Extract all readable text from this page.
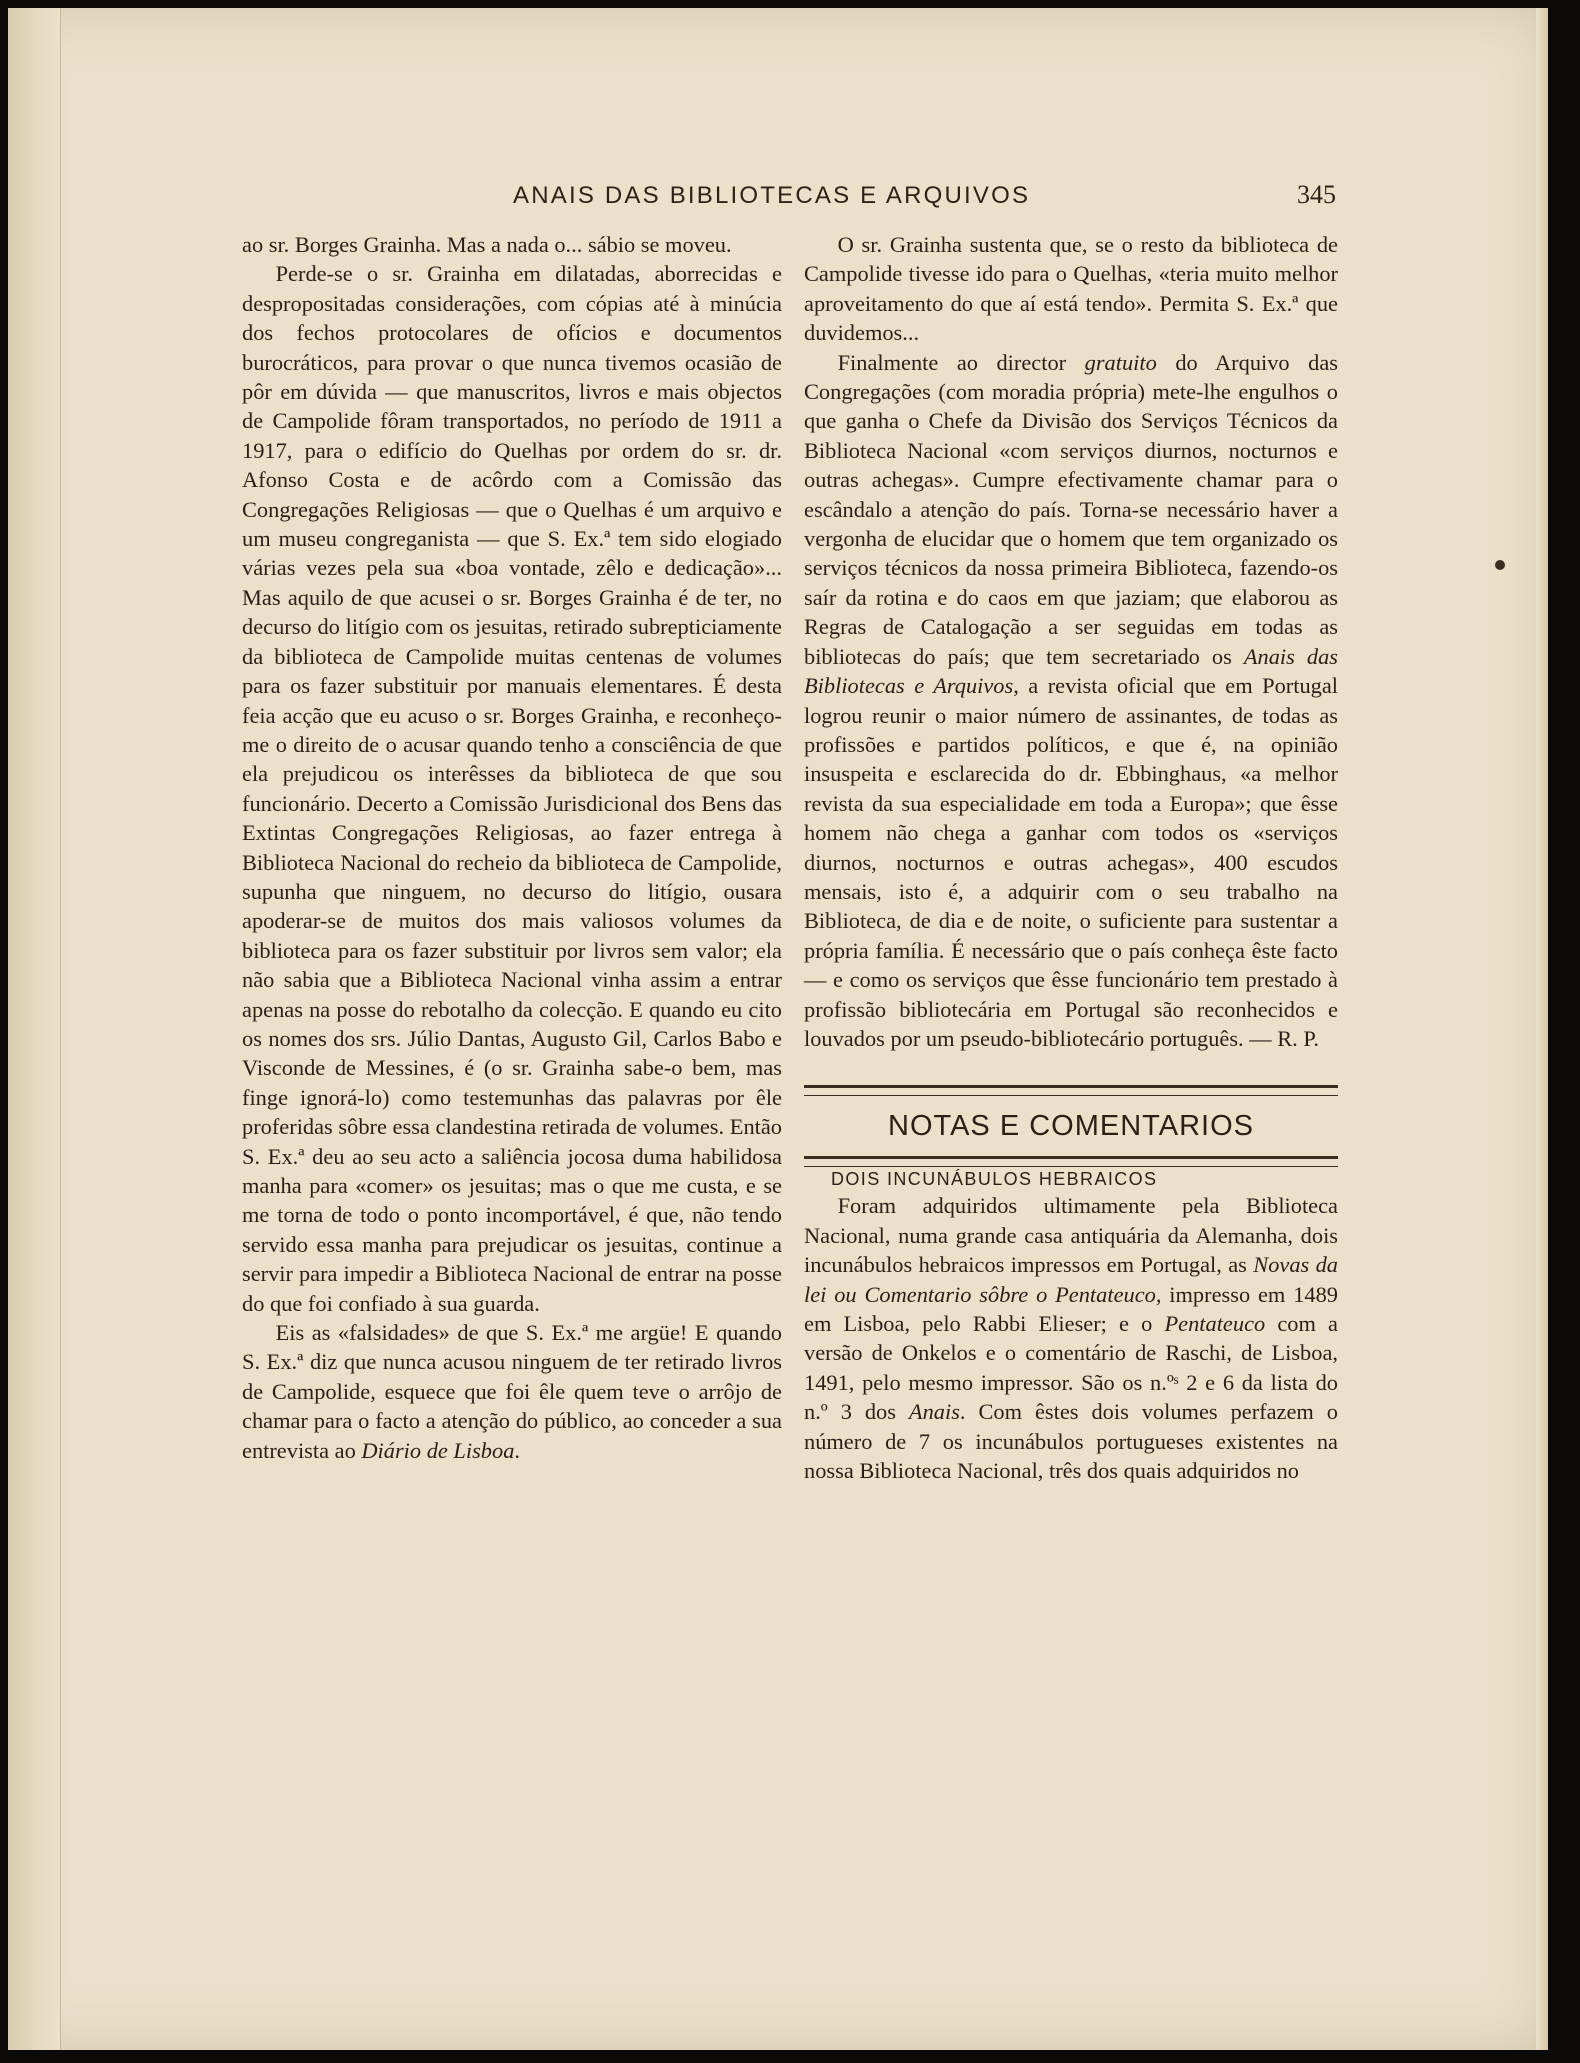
ANAIS DAS BIBLIOTECAS E ARQUIVOS	345

ao sr. Borges Grainha. Mas a nada o... sábio se moveu.

Perde-se o sr. Grainha em dilatadas, aborrecidas e despropositadas considerações, com cópias até à minúcia dos fechos protocolares de ofícios e documentos burocráticos, para provar o que nunca tivemos ocasião de pôr em dúvida — que manuscritos, livros e mais objectos de Campolide fôram transportados, no período de 1911 a 1917, para o edifício do Quelhas por ordem do sr. dr. Afonso Costa e de acôrdo com a Comissão das Congregações Religiosas — que o Quelhas é um arquivo e um museu congreganista — que S. Ex.ª tem sido elogiado várias vezes pela sua «boa vontade, zêlo e dedicação»... Mas aquilo de que acusei o sr. Borges Grainha é de ter, no decurso do litígio com os jesuitas, retirado subrepticiamente da biblioteca de Campolide muitas centenas de volumes para os fazer substituir por manuais elementares. É desta feia acção que eu acuso o sr. Borges Grainha, e reconheço-me o direito de o acusar quando tenho a consciência de que ela prejudicou os interêsses da biblioteca de que sou funcionário. Decerto a Comissão Jurisdicional dos Bens das Extintas Congregações Religiosas, ao fazer entrega à Biblioteca Nacional do recheio da biblioteca de Campolide, supunha que ninguem, no decurso do litígio, ousara apoderar-se de muitos dos mais valiosos volumes da biblioteca para os fazer substituir por livros sem valor; ela não sabia que a Biblioteca Nacional vinha assim a entrar apenas na posse do rebotalho da colecção. E quando eu cito os nomes dos srs. Júlio Dantas, Augusto Gil, Carlos Babo e Visconde de Messines, é (o sr. Grainha sabe-o bem, mas finge ignorá-lo) como testemunhas das palavras por êle proferidas sôbre essa clandestina retirada de volumes. Então S. Ex.ª deu ao seu acto a saliência jocosa duma habilidosa manha para «comer» os jesuitas; mas o que me custa, e se me torna de todo o ponto incomportável, é que, não tendo servido essa manha para prejudicar os jesuitas, continue a servir para impedir a Biblioteca Nacional de entrar na posse do que foi confiado à sua guarda.

Eis as «falsidades» de que S. Ex.ª me argüe! E quando S. Ex.ª diz que nunca acusou ninguem de ter retirado livros de Campolide, esquece que foi êle quem teve o arrôjo de chamar para o facto a atenção do público, ao conceder a sua entrevista ao Diário de Lisboa.

O sr. Grainha sustenta que, se o resto da biblioteca de Campolide tivesse ido para o Quelhas, «teria muito melhor aproveitamento do que aí está tendo». Permita S. Ex.ª que duvidemos...

Finalmente ao director gratuito do Arquivo das Congregações (com moradia própria) mete-lhe engulhos o que ganha o Chefe da Divisão dos Serviços Técnicos da Biblioteca Nacional «com serviços diurnos, nocturnos e outras achegas». Cumpre efectivamente chamar para o escândalo a atenção do país. Torna-se necessário haver a vergonha de elucidar que o homem que tem organizado os serviços técnicos da nossa primeira Biblioteca, fazendo-os saír da rotina e do caos em que jaziam; que elaborou as Regras de Catalogação a ser seguidas em todas as bibliotecas do país; que tem secretariado os Anais das Bibliotecas e Arquivos, a revista oficial que em Portugal logrou reunir o maior número de assinantes, de todas as profissões e partidos políticos, e que é, na opinião insuspeita e esclarecida do dr. Ebbinghaus, «a melhor revista da sua especialidade em toda a Europa»; que êsse homem não chega a ganhar com todos os «serviços diurnos, nocturnos e outras achegas», 400 escudos mensais, isto é, a adquirir com o seu trabalho na Biblioteca, de dia e de noite, o suficiente para sustentar a própria família. É necessário que o país conheça êste facto — e como os serviços que êsse funcionário tem prestado à profissão bibliotecária em Portugal são reconhecidos e louvados por um pseudo-bibliotecário português. — R. P.

NOTAS E COMENTARIOS

DOIS INCUNÁBULOS HEBRAICOS

Foram adquiridos ultimamente pela Biblioteca Nacional, numa grande casa antiquária da Alemanha, dois incunábulos hebraicos impressos em Portugal, as Novas da lei ou Comentario sôbre o Pentateuco, impresso em 1489 em Lisboa, pelo Rabbi Elieser; e o Pentateuco com a versão de Onkelos e o comentário de Raschi, de Lisboa, 1491, pelo mesmo impressor. São os n.ºˢ 2 e 6 da lista do n.º 3 dos Anais. Com êstes dois volumes perfazem o número de 7 os incunábulos portugueses existentes na nossa Biblioteca Nacional, três dos quais adquiridos no
